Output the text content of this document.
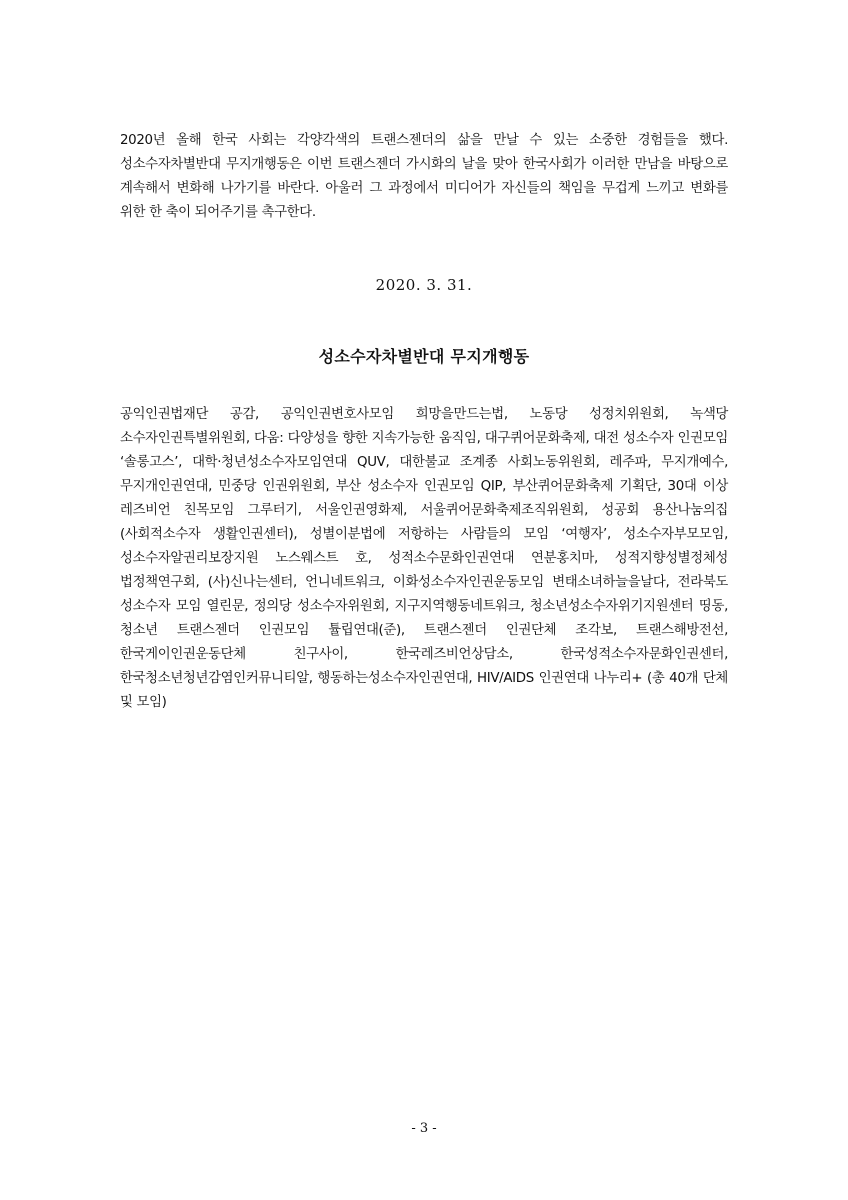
2020년 올해 한국 사회는 각양각색의 트랜스젠더의 삶을 만날 수 있는 소중한 경험들을 했다. 성소수자차별반대 무지개행동은 이번 트랜스젠더 가시화의 날을 맞아 한국사회가 이러한 만남을 바탕으로 계속해서 변화해 나가기를 바란다. 아울러 그 과정에서 미디어가 자신들의 책임을 무겁게 느끼고 변화를 위한 한 축이 되어주기를 촉구한다.

2020. 3. 31.

성소수자차별반대 무지개행동

공익인권법재단 공감, 공익인권변호사모임 희망을만드는법, 노동당 성정치위원회, 녹색당 소수자인권특별위원회, 다움: 다양성을 향한 지속가능한 움직임, 대구퀴어문화축제, 대전 성소수자 인권모임 ‘솔롱고스’, 대학·청년성소수자모임연대 QUV, 대한불교 조계종 사회노동위원회, 레주파, 무지개예수, 무지개인권연대, 민중당 인권위원회, 부산 성소수자 인권모임 QIP, 부산퀴어문화축제 기획단, 30대 이상 레즈비언 친목모임 그루터기, 서울인권영화제, 서울퀴어문화축제조직위원회, 성공회 용산나눔의집(사회적소수자 생활인권센터), 성별이분법에 저항하는 사람들의 모임 ‘여행자’, 성소수자부모모임, 성소수자알권리보장지원 노스웨스트 호, 성적소수문화인권연대 연분홍치마, 성적지향성별정체성 법정책연구회, (사)신나는센터, 언니네트워크, 이화성소수자인권운동모임 변태소녀하늘을날다, 전라북도 성소수자 모임 열린문, 정의당 성소수자위원회, 지구지역행동네트워크, 청소년성소수자위기지원센터 띵동, 청소년 트랜스젠더 인권모임 튤립연대(준), 트랜스젠더 인권단체 조각보, 트랜스해방전선, 한국게이인권운동단체 친구사이, 한국레즈비언상담소, 한국성적소수자문화인권센터, 한국청소년청년감염인커뮤니티알, 행동하는성소수자인권연대, HIV/AIDS 인권연대 나누리+ (총 40개 단체 및 모임)

- 3 -
